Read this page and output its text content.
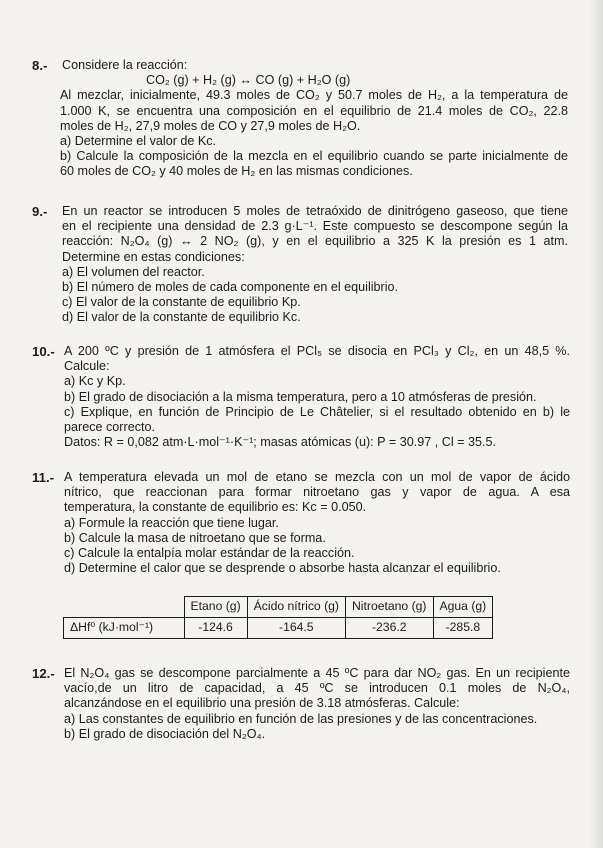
8.- Considere la reacción:
CO₂ (g) + H₂ (g) ↔ CO (g) + H₂O (g)
Al mezclar, inicialmente, 49.3 moles de CO₂ y 50.7 moles de H₂, a la temperatura de
1.000 K, se encuentra una composición en el equilibrio de 21.4 moles de CO₂, 22.8
moles de H₂, 27,9 moles de CO y 27,9 moles de H₂O.
a) Determine el valor de Kc.
b) Calcule la composición de la mezcla en el equilibrio cuando se parte inicialmente de
60 moles de CO₂ y 40 moles de H₂ en las mismas condiciones.
9.- En un reactor se introducen 5 moles de tetraóxido de dinitrógeno gaseoso, que tiene
en el recipiente una densidad de 2.3 g·L⁻¹. Este compuesto se descompone según la
reacción: N₂O₄ (g) ↔ 2 NO₂ (g), y en el equilibrio a 325 K la presión es 1 atm.
Determine en estas condiciones:
a) El volumen del reactor.
b) El número de moles de cada componente en el equilibrio.
c) El valor de la constante de equilibrio Kp.
d) El valor de la constante de equilibrio Kc.
10.- A 200 ºC y presión de 1 atmósfera el PCl₅ se disocia en PCl₃ y Cl₂, en un 48,5 %.
Calcule:
a) Kc y Kp.
b) El grado de disociación a la misma temperatura, pero a 10 atmósferas de presión.
c) Explique, en función de Principio de Le Châtelier, si el resultado obtenido en b) le
parece correcto.
Datos: R = 0,082 atm·L·mol⁻¹·K⁻¹; masas atómicas (u): P = 30.97 , Cl = 35.5.
11.- A temperatura elevada un mol de etano se mezcla con un mol de vapor de ácido
nítrico, que reaccionan para formar nitroetano gas y vapor de agua. A esa
temperatura, la constante de equilibrio es: Kc = 0.050.
a) Formule la reacción que tiene lugar.
b) Calcule la masa de nitroetano que se forma.
c) Calcule la entalpía molar estándar de la reacción.
d) Determine el calor que se desprende o absorbe hasta alcanzar el equilibrio.
	Etano (g)	Ácido nítrico (g)	Nitroetano (g)	Agua (g)
ΔHf⁰ (kJ·mol⁻¹)	-124.6	-164.5	-236.2	-285.8
12.- El N₂O₄ gas se descompone parcialmente a 45 ºC para dar NO₂ gas. En un recipiente
vacío,de un litro de capacidad, a 45 ºC se introducen 0.1 moles de N₂O₄,
alcanzándose en el equilibrio una presión de 3.18 atmósferas. Calcule:
a) Las constantes de equilibrio en función de las presiones y de las concentraciones.
b) El grado de disociación del N₂O₄.
